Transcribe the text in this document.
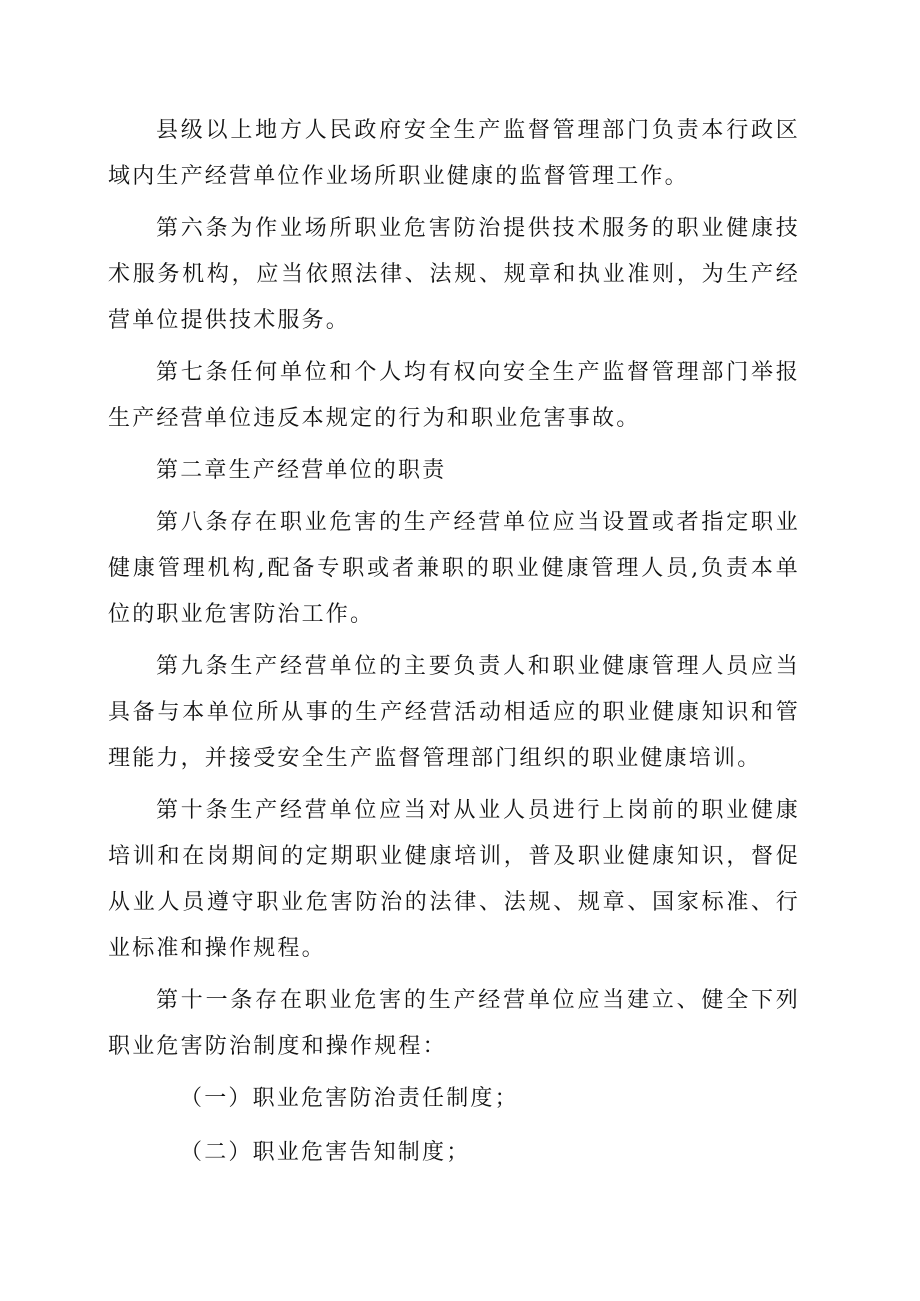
县级以上地方人民政府安全生产监督管理部门负责本行政区域内生产经营单位作业场所职业健康的监督管理工作。

第六条为作业场所职业危害防治提供技术服务的职业健康技术服务机构，应当依照法律、法规、规章和执业准则，为生产经营单位提供技术服务。

第七条任何单位和个人均有权向安全生产监督管理部门举报生产经营单位违反本规定的行为和职业危害事故。

第二章生产经营单位的职责

第八条存在职业危害的生产经营单位应当设置或者指定职业健康管理机构,配备专职或者兼职的职业健康管理人员,负责本单位的职业危害防治工作。

第九条生产经营单位的主要负责人和职业健康管理人员应当具备与本单位所从事的生产经营活动相适应的职业健康知识和管理能力，并接受安全生产监督管理部门组织的职业健康培训。

第十条生产经营单位应当对从业人员进行上岗前的职业健康培训和在岗期间的定期职业健康培训，普及职业健康知识，督促从业人员遵守职业危害防治的法律、法规、规章、国家标准、行业标准和操作规程。

第十一条存在职业危害的生产经营单位应当建立、健全下列职业危害防治制度和操作规程：

（一）职业危害防治责任制度；

（二）职业危害告知制度；
